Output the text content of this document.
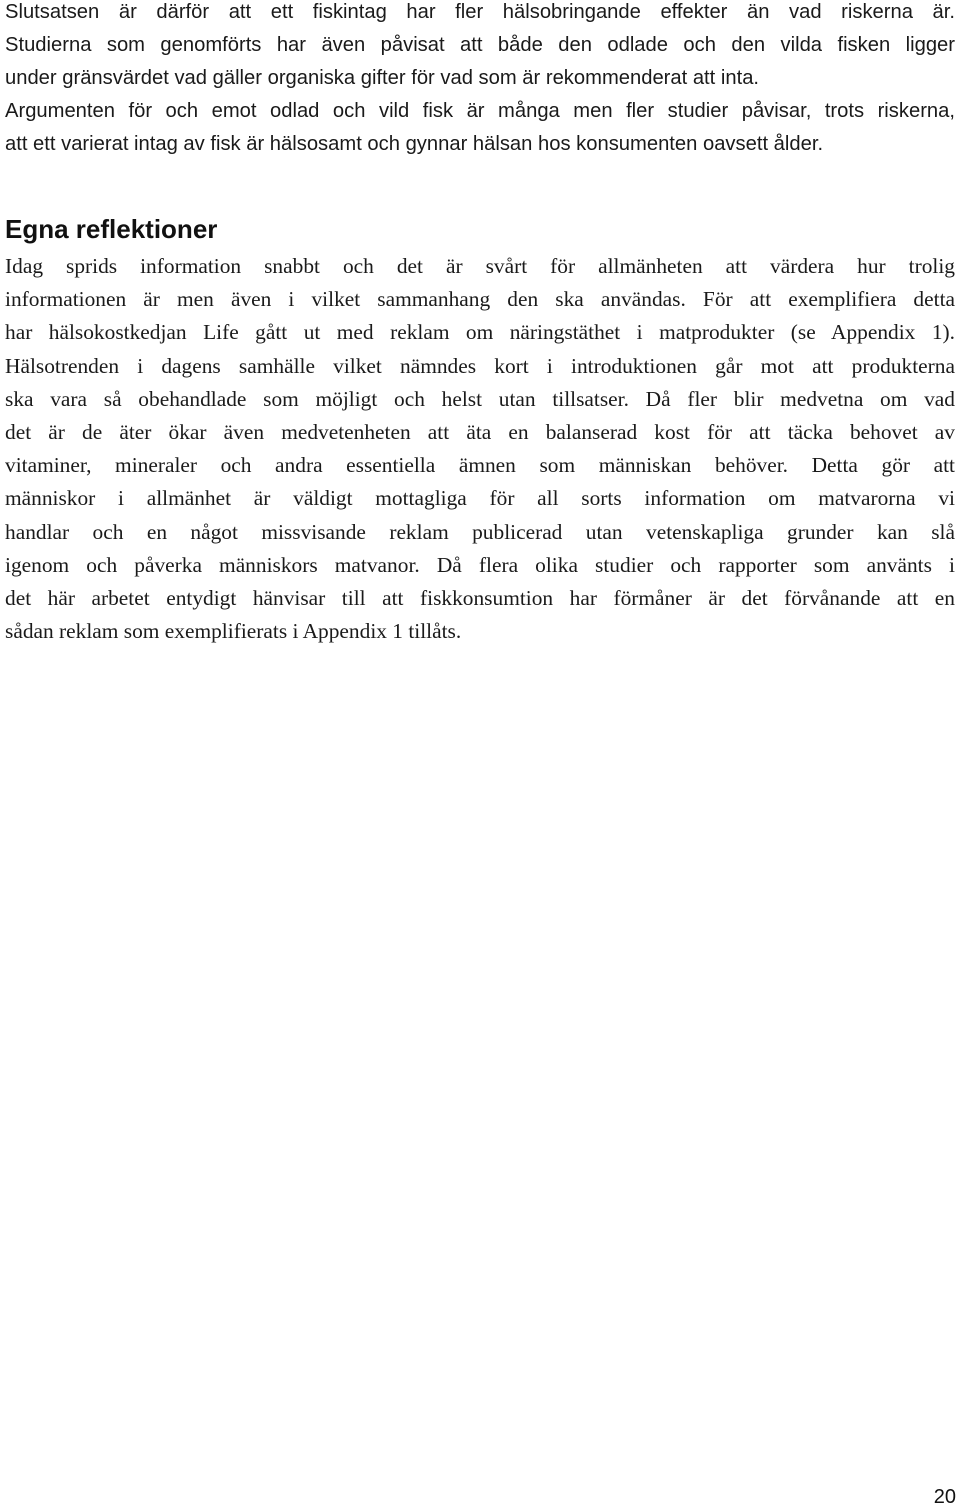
Slutsatsen är därför att ett fiskintag har fler hälsobringande effekter än vad riskerna är.
Studierna som genomförts har även påvisat att både den odlade och den vilda fisken ligger
under gränsvärdet vad gäller organiska gifter för vad som är rekommenderat att inta.
Argumenten för och emot odlad och vild fisk är många men fler studier påvisar, trots riskerna,
att ett varierat intag av fisk är hälsosamt och gynnar hälsan hos konsumenten oavsett ålder.
Egna reflektioner
Idag sprids information snabbt och det är svårt för allmänheten att värdera hur trolig
informationen är men även i vilket sammanhang den ska användas. För att exemplifiera detta
har hälsokostkedjan Life gått ut med reklam om näringstäthet i matprodukter (se Appendix 1).
Hälsotrenden i dagens samhälle vilket nämndes kort i introduktionen går mot att produkterna
ska vara så obehandlade som möjligt och helst utan tillsatser. Då fler blir medvetna om vad
det är de äter ökar även medvetenheten att äta en balanserad kost för att täcka behovet av
vitaminer, mineraler och andra essentiella ämnen som människan behöver. Detta gör att
människor i allmänhet är väldigt mottagliga för all sorts information om matvarorna vi
handlar och en något missvisande reklam publicerad utan vetenskapliga grunder kan slå
igenom och påverka människors matvanor. Då flera olika studier och rapporter som använts i
det här arbetet entydigt hänvisar till att fiskkonsumtion har förmåner är det förvånande att en
sådan reklam som exemplifierats i Appendix 1 tillåts.
20
